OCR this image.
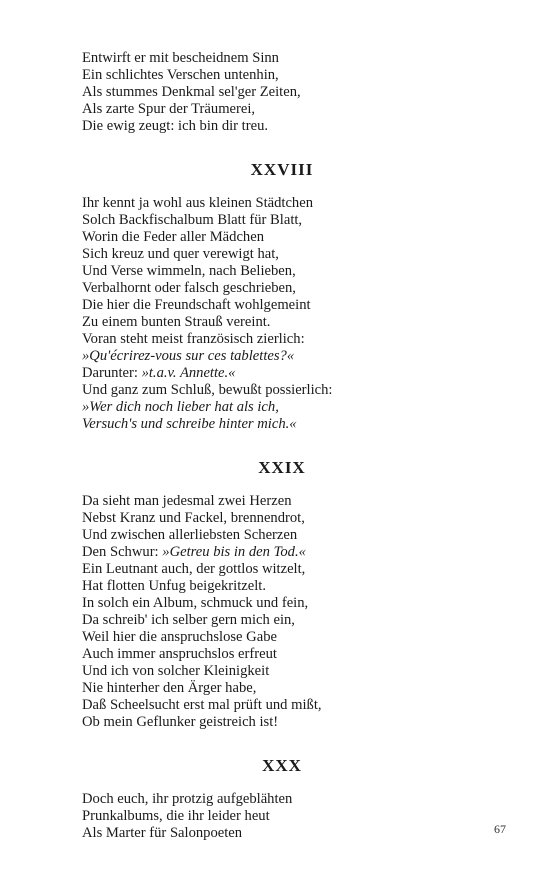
Entwirft er mit bescheidnem Sinn
Ein schlichtes Verschen untenhin,
Als stummes Denkmal sel'ger Zeiten,
Als zarte Spur der Träumerei,
Die ewig zeugt: ich bin dir treu.
XXVIII
Ihr kennt ja wohl aus kleinen Städtchen
Solch Backfischalbum Blatt für Blatt,
Worin die Feder aller Mädchen
Sich kreuz und quer verewigt hat,
Und Verse wimmeln, nach Belieben,
Verbalhornt oder falsch geschrieben,
Die hier die Freundschaft wohlgemeint
Zu einem bunten Strauß vereint.
Voran steht meist französisch zierlich:
»Qu'écrirez-vous sur ces tablettes?«
Darunter: »t.a.v. Annette.«
Und ganz zum Schluß, bewußt possierlich:
»Wer dich noch lieber hat als ich,
Versuch's und schreibe hinter mich.«
XXIX
Da sieht man jedesmal zwei Herzen
Nebst Kranz und Fackel, brennendrot,
Und zwischen allerliebsten Scherzen
Den Schwur: »Getreu bis in den Tod.«
Ein Leutnant auch, der gottlos witzelt,
Hat flotten Unfug beigekritzelt.
In solch ein Album, schmuck und fein,
Da schreib' ich selber gern mich ein,
Weil hier die anspruchslose Gabe
Auch immer anspruchslos erfreut
Und ich von solcher Kleinigkeit
Nie hinterher den Ärger habe,
Daß Scheelsucht erst mal prüft und mißt,
Ob mein Geflunker geistreich ist!
XXX
Doch euch, ihr protzig aufgeblähten
Prunkalbums, die ihr leider heut
Als Marter für Salonpoeten	67
